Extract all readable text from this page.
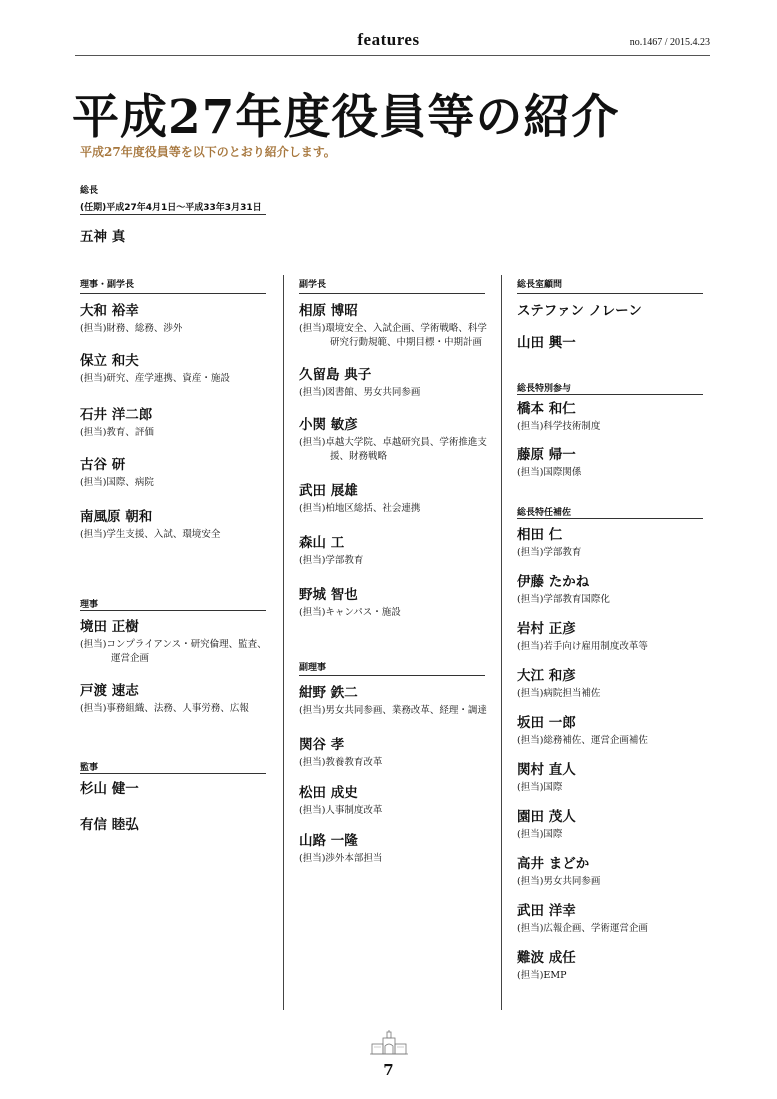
features	no.1467 / 2015.4.23
平成27年度役員等の紹介
平成27年度役員等を以下のとおり紹介します。
総長
(任期)平成27年4月1日～平成33年3月31日
五神 真
理事・副学長
大和 裕幸
(担当)財務、総務、渉外
保立 和夫
(担当)研究、産学連携、資産・施設
石井 洋二郎
(担当)教育、評価
古谷 研
(担当)国際、病院
南風原 朝和
(担当)学生支援、入試、環境安全
理事
境田 正樹
(担当)コンプライアンス・研究倫理、監査、運営企画
戸渡 速志
(担当)事務組織、法務、人事労務、広報
監事
杉山 健一
有信 睦弘
副学長
相原 博昭
(担当)環境安全、入試企画、学術戦略、科学研究行動規範、中期目標・中期計画
久留島 典子
(担当)図書館、男女共同参画
小関 敏彦
(担当)卓越大学院、卓越研究員、学術推進支援、財務戦略
武田 展雄
(担当)柏地区総括、社会連携
森山 工
(担当)学部教育
野城 智也
(担当)キャンパス・施設
副理事
紺野 鉄二
(担当)男女共同参画、業務改革、経理・調達
関谷 孝
(担当)教養教育改革
松田 成史
(担当)人事制度改革
山路 一隆
(担当)渉外本部担当
総長室顧問
ステファン ノレーン
山田 興一
総長特別参与
橋本 和仁
(担当)科学技術制度
藤原 帰一
(担当)国際関係
総長特任補佐
相田 仁
(担当)学部教育
伊藤 たかね
(担当)学部教育国際化
岩村 正彦
(担当)若手向け雇用制度改革等
大江 和彦
(担当)病院担当補佐
坂田 一郎
(担当)総務補佐、運営企画補佐
関村 直人
(担当)国際
園田 茂人
(担当)国際
高井 まどか
(担当)男女共同参画
武田 洋幸
(担当)広報企画、学術運営企画
難波 成任
(担当)EMP
7
